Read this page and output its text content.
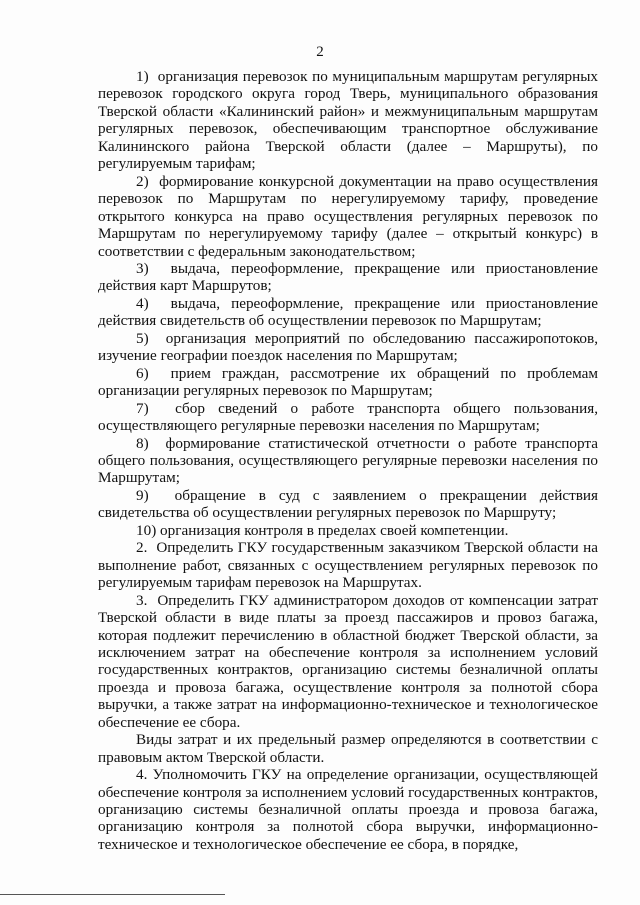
2

1)  организация перевозок по муниципальным маршрутам регулярных перевозок городского округа город Тверь, муниципального образования Тверской области «Калининский район» и межмуниципальным маршрутам регулярных перевозок, обеспечивающим транспортное обслуживание Калининского района Тверской области (далее – Маршруты), по регулируемым тарифам;

2)  формирование конкурсной документации на право осуществления перевозок по Маршрутам по нерегулируемому тарифу, проведение открытого конкурса на право осуществления регулярных перевозок по Маршрутам по нерегулируемому тарифу (далее – открытый конкурс) в соответствии с федеральным законодательством;

3)  выдача, переоформление, прекращение или приостановление действия карт Маршрутов;

4)  выдача, переоформление, прекращение или приостановление действия свидетельств об осуществлении перевозок по Маршрутам;

5)  организация мероприятий по обследованию пассажиропотоков, изучение географии поездок населения по Маршрутам;

6)  прием граждан, рассмотрение их обращений по проблемам организации регулярных перевозок по Маршрутам;

7)  сбор сведений о работе транспорта общего пользования, осуществляющего регулярные перевозки населения по Маршрутам;

8)  формирование статистической отчетности о работе транспорта общего пользования, осуществляющего регулярные перевозки населения по Маршрутам;

9)  обращение в суд с заявлением о прекращении действия свидетельства об осуществлении регулярных перевозок по Маршруту;

10) организация контроля в пределах своей компетенции.

2.  Определить ГКУ государственным заказчиком Тверской области на выполнение работ, связанных с осуществлением регулярных перевозок по регулируемым тарифам перевозок на Маршрутах.

3.  Определить ГКУ администратором доходов от компенсации затрат Тверской области в виде платы за проезд пассажиров и провоз багажа, которая подлежит перечислению в областной бюджет Тверской области, за исключением затрат на обеспечение контроля за исполнением условий государственных контрактов, организацию системы безналичной оплаты проезда и провоза багажа, осуществление контроля за полнотой сбора выручки, а также затрат на информационно-техническое и технологическое обеспечение ее сбора.

Виды затрат и их предельный размер определяются в соответствии с правовым актом Тверской области.

4. Уполномочить ГКУ на определение организации, осуществляющей обеспечение контроля за исполнением условий государственных контрактов, организацию системы безналичной оплаты проезда и провоза багажа, организацию контроля за полнотой сбора выручки, информационно-техническое и технологическое обеспечение ее сбора, в порядке,
